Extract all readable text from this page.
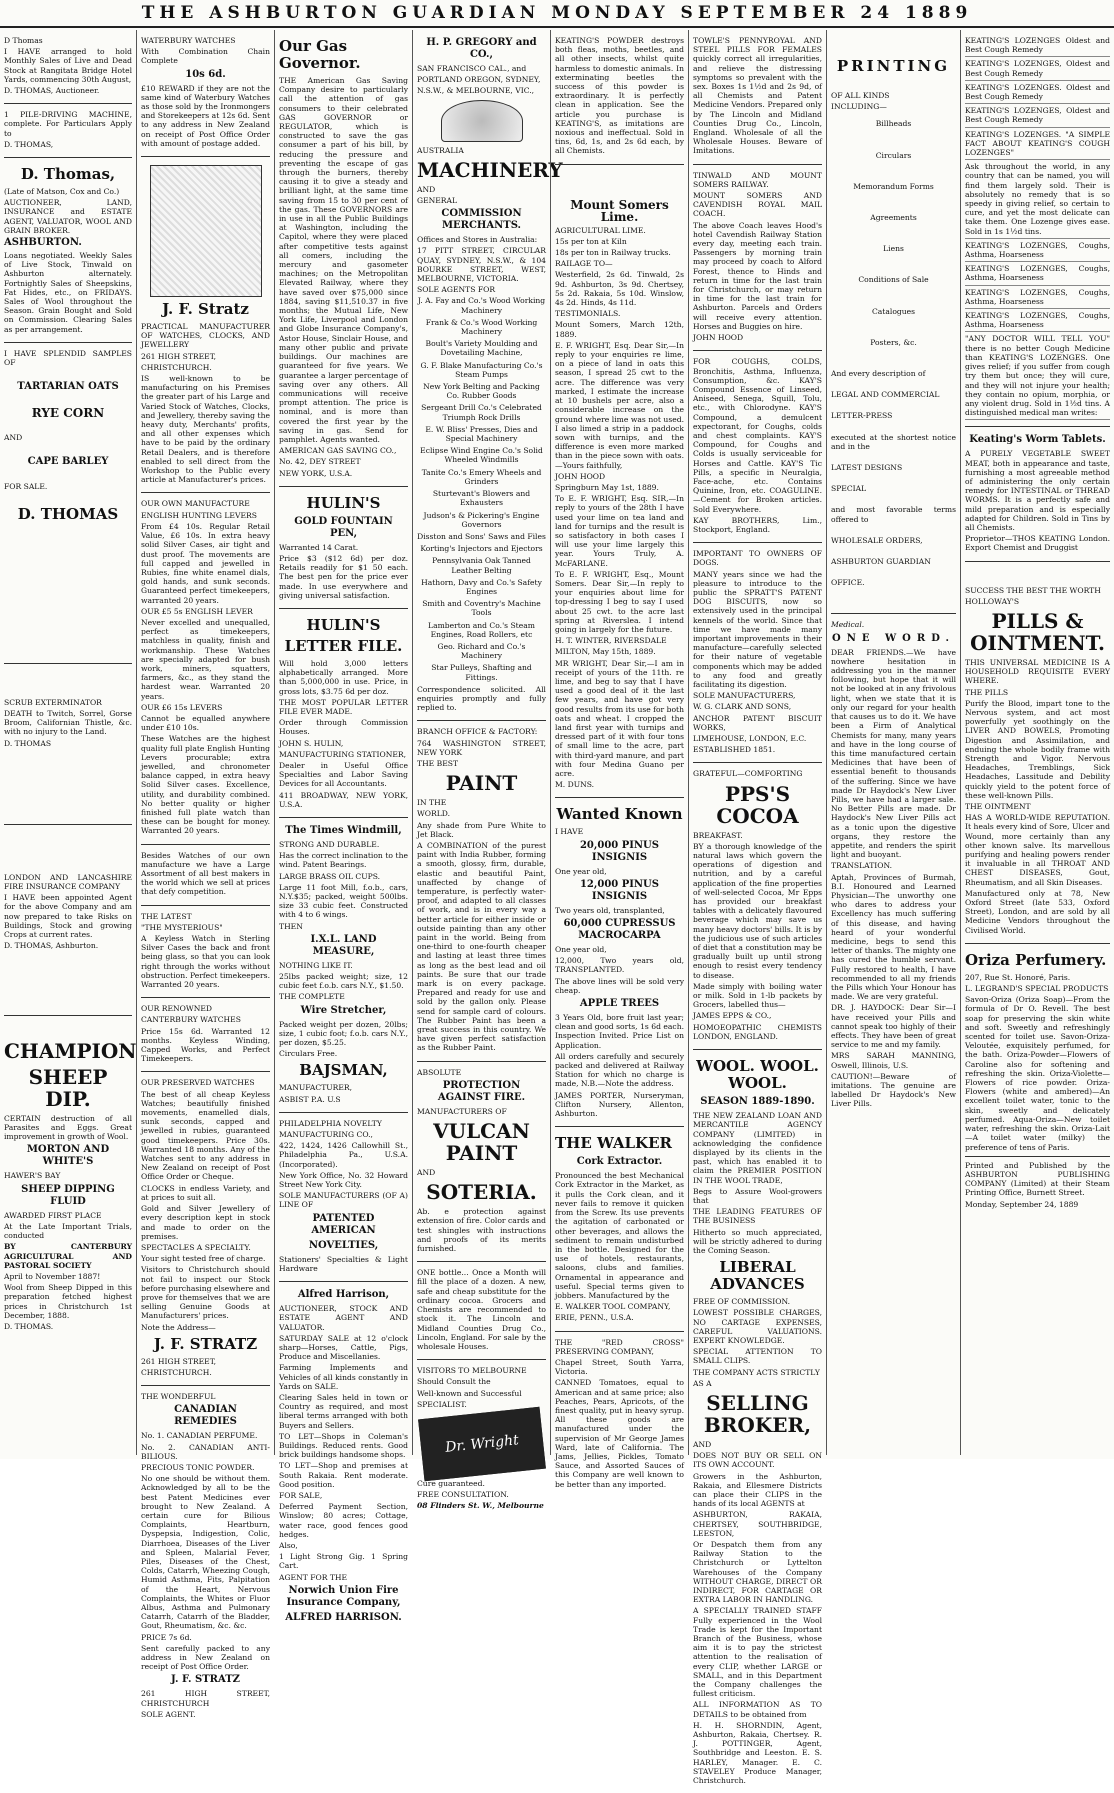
THE ASHBURTON GUARDIAN MONDAY SEPTEMBER 24 1889

D Thomas

I HAVE arranged to hold Monthly Sales of Live and Dead Stock at Rangitata Bridge Hotel Yards, commencing 30th August,

D. THOMAS, Auctioneer.

1 PILE-DRIVING MACHINE, complete. For Particulars Apply to

D. THOMAS,

D. Thomas,

(Late of Matson, Cox and Co.)

AUCTIONEER, LAND, INSURANCE and ESTATE AGENT, VALUATOR, WOOL AND GRAIN BROKER.

ASHBURTON.

Loans negotiated. Weekly Sales of Live Stock, Tinwald on Ashburton alternately. Fortnightly Sales of Sheepskins, Fat Hides, etc., on FRIDAYS. Sales of Wool throughout the Season. Grain Bought and Sold on Commission. Clearing Sales as per arrangement.

I HAVE SPLENDID SAMPLES OF

TARTARIAN OATS
RYE CORN

AND

CAPE BARLEY

FOR SALE.

D. THOMAS

SCRUB EXTERMINATOR

DEATH to Twitch, Sorrel, Gorse Broom, Californian Thistle, &c. with no injury to the Land.

D. THOMAS

LONDON AND LANCASHIRE FIRE INSURANCE COMPANY

I HAVE been appointed Agent for the above Company and am now prepared to take Risks on Buildings, Stock and growing Crops at current rates.

D. THOMAS, Ashburton.

CHAMPION
SHEEP DIP.

CERTAIN destruction of all Parasites and Eggs. Great improvement in growth of Wool.

MORTON AND WHITE'S

HAWER'S BAY

SHEEP DIPPING FLUID

AWARDED FIRST PLACE

At the Late Important Trials, conducted

BY CANTERBURY AGRICULTURAL AND PASTORAL SOCIETY

April to November 1887!

Wool from Sheep Dipped in this preparation fetched highest prices in Christchurch 1st December, 1888.

D. THOMAS.

WATERBURY WATCHES

With Combination Chain Complete

10s 6d.

£10 REWARD if they are not the same kind of Waterbury Watches as those sold by the Ironmongers and Storekeepers at 12s 6d. Sent to any address in New Zealand on receipt of Post Office Order with amount of postage added.

J. F. Stratz

PRACTICAL MANUFACTURER OF WATCHES, CLOCKS, AND JEWELLERY

261 HIGH STREET,

CHRISTCHURCH.

IS well-known to be manufacturing on his Premises the greater part of his Large and Varied Stock of Watches, Clocks, and Jewellery, thereby saving the heavy duty, Merchants' profits, and all other expenses which have to be paid by the ordinary Retail Dealers, and is therefore enabled to sell direct from the Workshop to the Public every article at Manufacturer's prices.

OUR OWN MANUFACTURE

ENGLISH HUNTING LEVERS

From £4 10s. Regular Retail Value, £6 10s. In extra heavy solid Silver Cases, air tight and dust proof. The movements are full capped and jewelled in Rubies, fine white enamel dials, gold hands, and sunk seconds. Guaranteed perfect timekeepers, warranted 20 years.

OUR £5 5s ENGLISH LEVER

Never excelled and unequalled, perfect as timekeepers, matchless in quality, finish and workmanship. These Watches are specially adapted for bush work, miners, squatters, farmers, &c., as they stand the hardest wear. Warranted 20 years.

OUR £6 15s LEVERS

Cannot be equalled anywhere under £10 10s.

These Watches are the highest quality full plate English Hunting Levers procurable; extra jewelled, and chronometer balance capped, in extra heavy Solid Silver cases. Excellence, utility, and durability combined. No better quality or higher finished full plate watch than these can be bought for money. Warranted 20 years.

Besides Watches of our own manufacture we have a Large Assortment of all best makers in the world which we sell at prices that defy competition.

THE LATEST

"THE MYSTERIOUS"

A Keyless Watch in Sterling Silver Cases the back and front being glass, so that you can look right through the works without obstruction. Perfect timekeepers. Warranted 20 years.

OUR RENOWNED

CANTERBURY WATCHES

Price 15s 6d. Warranted 12 months. Keyless Winding, Capped Works, and Perfect Timekeepers.

OUR PRESERVED WATCHES

The best of all cheap Keyless Watches; beautifully finished movements, enamelled dials, sunk seconds, capped and jewelled in rubies, guaranteed good timekeepers. Price 30s. Warranted 18 months. Any of the Watches sent to any address in New Zealand on receipt of Post Office Order or Cheque.

CLOCKS in endless Variety, and at prices to suit all.

Gold and Silver Jewellery of every description kept in stock and made to order on the premises.

SPECTACLES A SPECIALTY.

Your sight tested free of charge.

Visitors to Christchurch should not fail to inspect our Stock before purchasing elsewhere and prove for themselves that we are selling Genuine Goods at Manufacturers' prices.

Note the Address—

J. F. STRATZ

261 HIGH STREET,

CHRISTCHURCH.

THE WONDERFUL

CANADIAN REMEDIES

No. 1. CANADIAN PERFUME.

No. 2. CANADIAN ANTI-BILIOUS.

PRECIOUS TONIC POWDER.

No one should be without them. Acknowledged by all to be the best Patent Medicines ever brought to New Zealand. A certain cure for Bilious Complaints, Heartburn, Dyspepsia, Indigestion, Colic, Diarrhoea, Diseases of the Liver and Spleen, Malarial Fever, Piles, Diseases of the Chest, Colds, Catarrh, Wheezing Cough, Humid Asthma, Fits, Palpitation of the Heart, Nervous Complaints, the Whites or Fluor Albus, Asthma and Pulmonary Catarrh, Catarrh of the Bladder, Gout, Rheumatism, &c. &c.

PRICE 7s 6d.

Sent carefully packed to any address in New Zealand on receipt of Post Office Order.

J. F. STRATZ

261 HIGH STREET, CHRISTCHURCH

SOLE AGENT.

Our Gas Governor.

THE American Gas Saving Company desire to particularly call the attention of gas consumers to their celebrated GAS GOVERNOR or REGULATOR, which is constructed to save the gas consumer a part of his bill, by reducing the pressure and preventing the escape of gas through the burners, thereby causing it to give a steady and brilliant light, at the same time saving from 15 to 30 per cent of the gas. These GOVERNORS are in use in all the Public Buildings at Washington, including the Capitol, where they were placed after competitive tests against all comers, including the mercury and gasometer machines; on the Metropolitan Elevated Railway, where they have saved over $75,000 since 1884, saving $11,510.37 in five months; the Mutual Life, New York Life, Liverpool and London and Globe Insurance Company's, Astor House, Sinclair House, and many other public and private buildings. Our machines are guaranteed for five years. We guarantee a larger percentage of saving over any others. All communications will receive prompt attention. The price is nominal, and is more than covered the first year by the saving in gas. Send for pamphlet. Agents wanted.

AMERICAN GAS SAVING CO.,

No. 42, DEY STREET

NEW YORK, U.S.A.

HULIN'S
GOLD FOUNTAIN PEN,

Warranted 14 Carat.

Price $3 ($12 6d) per doz. Retails readily for $1 50 each. The best pen for the price ever made. In use everywhere and giving universal satisfaction.

HULIN'S
LETTER FILE.

Will hold 3,000 letters alphabetically arranged. More than 5,000,000 in use. Price, in gross lots, $3.75 6d per doz.

THE MOST POPULAR LETTER FILE EVER MADE.

Order through Commission Houses.

JOHN S. HULIN,

MANUFACTURING STATIONER,

Dealer in Useful Office Specialties and Labor Saving Devices for all Accountants.

411 BROADWAY, NEW YORK, U.S.A.

The Times Windmill,

STRONG AND DURABLE.

Has the correct inclination to the wind. Patent Bearings.

LARGE BRASS OIL CUPS.

Large 11 foot Mill, f.o.b., cars, N.Y.$35; packed, weight 500lbs. size 33 cubic feet. Constructed with 4 to 6 wings.

THEN

I.X.L. LAND MEASURE,

NOTHING LIKE IT.

25lbs packed weight; size, 12 cubic feet f.o.b. cars N.Y., $1.50.

THE COMPLETE

Wire Stretcher,

Packed weight per dozen, 20lbs; size, 1 cubic foot; f.o.b. cars N.Y., per dozen, $5.25.

Circulars Free.

BAJSMAN,

MANUFACTURER,

ASBIST P.A. U.S

PHILADELPHIA NOVELTY

MANUFACTURING CO.,

422, 1424, 1426 Callowhill St., Philadelphia Pa., U.S.A. (Incorporated).

New York Office, No. 32 Howard Street New York City.

SOLE MANUFACTURERS (OF A) LINE OF

PATENTED AMERICAN
NOVELTIES,

Stationers' Specialties & Light Hardware

Alfred Harrison,

AUCTIONEER, STOCK AND ESTATE AGENT AND VALUATOR.

SATURDAY SALE at 12 o'clock sharp—Horses, Cattle, Pigs, Produce and Miscellanies.

Farming Implements and Vehicles of all kinds constantly in Yards on SALE.

Clearing Sales held in town or Country as required, and most liberal terms arranged with both Buyers and Sellers.

TO LET—Shops in Coleman's Buildings. Reduced rents. Good brick buildings handsome shops.

TO LET—Shop and premises at South Rakaia. Rent moderate. Good position.

FOR SALE,

Deferred Payment Section, Winslow; 80 acres; Cottage, water race, good fences good hedges.

Also,

1 Light Strong Gig. 1 Spring Cart.

AGENT FOR THE

Norwich Union Fire Insurance Company,
ALFRED HARRISON.
H. P. GREGORY and CO.,

SAN FRANCISCO CAL., and

PORTLAND OREGON, SYDNEY,

N.S.W., & MELBOURNE, VIC.,

AUSTRALIA

MACHINERY

AND

GENERAL

COMMISSION MERCHANTS.

Offices and Stores in Australia:

17 PITT STREET, CIRCULAR QUAY, SYDNEY, N.S.W., & 104 BOURKE STREET, WEST, MELBOURNE, VICTORIA.

SOLE AGENTS FOR

J. A. Fay and Co.'s Wood Working Machinery

Frank & Co.'s Wood Working Machinery

Boult's Variety Moulding and Dovetailing Machine,

G. F. Blake Manufacturing Co.'s Steam Pumps

New York Belting and Packing Co. Rubber Goods

Sergeant Drill Co.'s Celebrated Triumph Rock Drills

E. W. Bliss' Presses, Dies and Special Machinery

Eclipse Wind Engine Co.'s Solid Wheeled Windmills

Tanite Co.'s Emery Wheels and Grinders

Sturtevant's Blowers and Exhausters

Judson's & Pickering's Engine Governors

Disston and Sons' Saws and Files

Korting's Injectors and Ejectors

Pennsylvania Oak Tanned Leather Belting

Hathorn, Davy and Co.'s Safety Engines

Smith and Coventry's Machine Tools

Lamberton and Co.'s Steam Engines, Road Rollers, etc

Geo. Richard and Co.'s Machinery

Star Pulleys, Shafting and Fittings.

Correspondence solicited. All enquiries promptly and fully replied to.

BRANCH OFFICE & FACTORY:

764 WASHINGTON STREET, NEW YORK

THE BEST

PAINT

IN THE

WORLD.

Any shade from Pure White to Jet Black.

A COMBINATION of the purest paint with India Rubber, forming a smooth, glossy, firm, durable, elastic and beautiful Paint, unaffected by change of temperature, is perfectly water-proof, and adapted to all classes of work, and is in every way a better article for either inside or outside painting than any other paint in the world. Being from one-third to one-fourth cheaper and lasting at least three times as long as the best lead and oil paints. Be sure that our trade mark is on every package. Prepared and ready for use and sold by the gallon only. Please send for sample card of colours. The Rubber Paint has been a great success in this country. We have given perfect satisfaction as the Rubber Paint.

ABSOLUTE

PROTECTION AGAINST FIRE.

MANUFACTURERS OF

VULCAN PAINT

AND

SOTERIA.

Ab. e protection against extension of fire. Color cards and test shingles with instructions and proofs of its merits furnished.

ONE bottle... Once a Month will fill the place of a dozen. A new, safe and cheap substitute for the ordinary cocoa. Grocers and Chemists are recommended to stock it. The Lincoln and Midland Counties Drug Co., Lincoln, England. For sale by the wholesale Houses.

VISITORS TO MELBOURNE

Should Consult the

Well-known and Successful

SPECIALIST.

Dr. Wright

Cure guaranteed.

FREE CONSULTATION.

08 Flinders St. W., Melbourne

KEATING'S POWDER destroys both fleas, moths, beetles, and all other insects, whilst quite harmless to domestic animals. In exterminating beetles the success of this powder is extraordinary. It is perfectly clean in application. See the article you purchase is KEATING'S, as imitations are noxious and ineffectual. Sold in tins, 6d, 1s, and 2s 6d each, by all Chemists.

Mount Somers Lime.

AGRICULTURAL LIME.

15s per ton at Kiln

18s per ton in Railway trucks.

RAILAGE TO—

Westerfield, 2s 6d. Tinwald, 2s 9d. Ashburton, 3s 9d. Chertsey, 5s 2d. Rakaia, 5s 10d. Winslow, 4s 2d. Hinds, 4s 11d.

TESTIMONIALS.

Mount Somers, March 12th, 1889.

E. F. WRIGHT, Esq. Dear Sir,—In reply to your enquiries re lime, on a piece of land in oats this season, I spread 25 cwt to the acre. The difference was very marked, I estimate the increase at 10 bushels per acre, also a considerable increase on the ground where lime was not used. I also limed a strip in a paddock sown with turnips, and the difference is even more marked than in the piece sown with oats.—Yours faithfully,

JOHN HOOD

Springburn May 1st, 1889.

To E. F. WRIGHT, Esq. SIR,—In reply to yours of the 28th I have used your lime on tea land and land for turnips and the result is so satisfactory in both cases I will use your lime largely this year. Yours Truly, A. McFARLANE.

To E. F. WRIGHT, Esq., Mount Somers. Dear Sir,—In reply to your enquiries about lime for top-dressing I beg to say I used about 25 cwt. to the acre last spring at Riverslea. I intend going in largely for the future.

H. T. WINTER, RIVERSDALE

MILTON, May 15th, 1889.

MR WRIGHT, Dear Sir,—I am in receipt of yours of the 11th. re lime, and beg to say that I have used a good deal of it the last few years, and have got very good results from its use for both oats and wheat. I cropped the land first year with turnips and dressed part of it with four tons of small lime to the acre, part with third-yard manure, and part with four Medina Guano per acre.

M. DUNS.

Wanted Known

I HAVE

20,000 PINUS INSIGNIS

One year old,

12,000 PINUS INSIGNIS

Two years old, transplanted,

60,000 CUPRESSUS MACROCARPA

One year old,

12,000, Two years old, TRANSPLANTED.

The above lines will be sold very cheap.

APPLE TREES

3 Years Old, bore fruit last year; clean and good sorts, 1s 6d each. Inspection Invited. Price List on Application.

All orders carefully and securely packed and delivered at Railway Station for which no charge is made, N.B.—Note the address.

JAMES PORTER, Nurseryman, Clifton Nursery, Allenton, Ashburton.

THE WALKER
Cork Extractor.

Pronounced the best Mechanical Cork Extractor in the Market, as it pulls the Cork clean, and it never fails to remove it quicken from the Screw. Its use prevents the agitation of carbonated or other beverages, and allows the sediment to remain undisturbed in the bottle. Designed for the use of hotels, restaurants, saloons, clubs and families. Ornamental in appearance and useful. Special terms given to jobbers. Manufactured by the

E. WALKER TOOL COMPANY,

ERIE, PENN., U.S.A.

THE "RED CROSS" PRESERVING COMPANY,

Chapel Street, South Yarra, Victoria.

CANNED Tomatoes, equal to American and at same price; also Peaches, Pears, Apricots, of the finest quality, put in heavy syrup. All these goods are manufactured under the supervision of Mr George James Ward, late of California. The Jams, Jellies, Pickles, Tomato Sauce, and Assorted Sauces of this Company are well known to be better than any imported.

TOWLE'S PENNYROYAL AND STEEL PILLS FOR FEMALES quickly correct all irregularities, and relieve the distressing symptoms so prevalent with the sex. Boxes 1s 1½d and 2s 9d, of all Chemists and Patent Medicine Vendors. Prepared only by The Lincoln and Midland Counties Drug Co., Lincoln, England. Wholesale of all the Wholesale Houses. Beware of Imitations.

TINWALD AND MOUNT SOMERS RAILWAY.

MOUNT SOMERS AND CAVENDISH ROYAL MAIL COACH.

The above Coach leaves Hood's hotel Cavendish Railway Station every day, meeting each train. Passengers by morning train may proceed by coach to Alford Forest, thence to Hinds and return in time for the last train for Christchurch, or may return in time for the last train for Ashburton. Parcels and Orders will receive every attention. Horses and Buggies on hire.

JOHN HOOD

FOR COUGHS, COLDS, Bronchitis, Asthma, Influenza, Consumption, &c. KAY'S Compound Essence of Linseed, Aniseed, Senega, Squill, Tolu, etc., with Chlorodyne. KAY'S Compound, a demulcent expectorant, for Coughs, colds and chest complaints. KAY'S Compound, for Coughs and Colds is usually serviceable for Horses and Cattle. KAY'S Tic Pills, a specific in Neuralgia, Face-ache, etc. Contains Quinine, Iron, etc. COAGULINE.—Cement for Broken articles. Sold Everywhere.

KAY BROTHERS, Lim., Stockport, England.

IMPORTANT TO OWNERS OF DOGS.

MANY years since we had the pleasure to introduce to the public the SPRATT'S PATENT DOG BISCUITS, now so extensively used in the principal kennels of the world. Since that time we have made many important improvements in their manufacture—carefully selected for their nature of vegetable components which may be added to any food and greatly facilitating its digestion.

SOLE MANUFACTURERS,

W. G. CLARK AND SONS,

ANCHOR PATENT BISCUIT WORKS,

LIMEHOUSE, LONDON, E.C.

ESTABLISHED 1851.

GRATEFUL—COMFORTING

PPS'S COCOA

BREAKFAST.

BY a thorough knowledge of the natural laws which govern the operations of digestion and nutrition, and by a careful application of the fine properties of well-selected Cocoa, Mr Epps has provided our breakfast tables with a delicately flavoured beverage which may save us many heavy doctors' bills. It is by the judicious use of such articles of diet that a constitution may be gradually built up until strong enough to resist every tendency to disease.

Made simply with boiling water or milk. Sold in 1-lb packets by Grocers, labelled thus—

JAMES EPPS & CO.,

HOMOEOPATHIC CHEMISTS LONDON, ENGLAND.

WOOL. WOOL. WOOL.
SEASON 1889-1890.

THE NEW ZEALAND LOAN AND MERCANTILE AGENCY COMPANY (LIMITED) in acknowledging the confidence displayed by its clients in the past, which has enabled it to claim the PREMIER POSITION IN THE WOOL TRADE,

Begs to Assure Wool-growers that

THE LEADING FEATURES OF THE BUSINESS

Hitherto so much appreciated, will be strictly adhered to during the Coming Season.

LIBERAL ADVANCES

FREE OF COMMISSION.

LOWEST POSSIBLE CHARGES, NO CARTAGE EXPENSES, CAREFUL VALUATIONS. EXPERT KNOWLEDGE.

SPECIAL ATTENTION TO SMALL CLIPS.

THE COMPANY ACTS STRICTLY

AS A

SELLING BROKER,

AND

DOES NOT BUY OR SELL ON ITS OWN ACCOUNT.

Growers in the Ashburton, Rakaia, and Ellesmere Districts can place their CLIPS in the hands of its local AGENTS at

ASHBURTON, RAKAIA, CHERTSEY, SOUTHBRIDGE, LEESTON,

Or Despatch them from any Railway Station to the Christchurch or Lyttelton Warehouses of the Company WITHOUT CHARGE, DIRECT OR INDIRECT, FOR CARTAGE OR EXTRA LABOR IN HANDLING.

A SPECIALLY TRAINED STAFF Fully experienced in the Wool Trade is kept for the Important Branch of the Business, whose aim it is to pay the strictest attention to the realisation of every CLIP, whether LARGE or SMALL, and in this Department the Company challenges the fullest criticism.

ALL INFORMATION AS TO DETAILS to be obtained from

H. H. SHORNDIN, Agent, Ashburton, Rakaia, Chertsey. R. J. POTTINGER, Agent, Southbridge and Leeston. E. S. HARLEY, Manager. E. C. STAVELEY Produce Manager, Christchurch.

PRINTING

OF ALL KINDS

INCLUDING—

Billheads

Circulars

Memorandum Forms

Agreements

Liens

Conditions of Sale

Catalogues

Posters, &c.

And every description of

LEGAL AND COMMERCIAL

LETTER-PRESS

executed at the shortest notice and in the

LATEST DESIGNS

SPECIAL

and most favorable terms offered to

WHOLESALE ORDERS,

ASHBURTON GUARDIAN

OFFICE.

Medical.

ONE WORD.

DEAR FRIENDS.—We have nowhere hesitation in addressing you in the manner following, but hope that it will not be looked at in any frivolous light, when we state that it is only our regard for your health that causes us to do it. We have been a Firm of Analytical Chemists for many, many years and have in the long course of this time manufactured certain Medicines that have been of essential benefit to thousands of the suffering. Since we have made Dr Haydock's New Liver Pills, we have had a larger sale. No Better Pills are made. Dr Haydock's New Liver Pills act as a tonic upon the digestive organs, they restore the appetite, and renders the spirit light and buoyant.

TRANSLATION.

Aptah, Provinces of Burmah, B.I. Honoured and Learned Physician—The unworthy one who dares to address your Excellency has much suffering of this disease, and having heard of your wonderful medicine, begs to send this letter of thanks. The mighty one has cured the humble servant. Fully restored to health, I have recommended to all my friends the Pills which Your Honour has made. We are very grateful.

DR. J. HAYDOCK: Dear Sir—I have received your Pills and cannot speak too highly of their effects. They have been of great service to me and my family.

MRS SARAH MANNING, Oswell, Illinois, U.S.

CAUTION!—Beware of imitations. The genuine are labelled Dr Haydock's New Liver Pills.

KEATING'S LOZENGES Oldest and Best Cough Remedy

KEATING'S LOZENGES, Oldest and Best Cough Remedy

KEATING'S LOZENGES. Oldest and Best Cough Remedy

KEATING'S LOZENGES, Oldest and Best Cough Remedy

KEATING'S LOZENGES. "A SIMPLE FACT ABOUT KEATING'S COUGH LOZENGES"

Ask throughout the world, in any country that can be named, you will find them largely sold. Their is absolutely no remedy that is so speedy in giving relief, so certain to cure, and yet the most delicate can take them. One Lozenge gives ease. Sold in 1s 1½d tins.

KEATING'S LOZENGES, Coughs, Asthma, Hoarseness

KEATING'S LOZENGES, Coughs, Asthma, Hoarseness

KEATING'S LOZENGES, Coughs, Asthma, Hoarseness

KEATING'S LOZENGES, Coughs, Asthma, Hoarseness

"ANY DOCTOR WILL TELL YOU" there is no better Cough Medicine than KEATING'S LOZENGES. One gives relief; if you suffer from cough try them but once; they will cure, and they will not injure your health; they contain no opium, morphia, or any violent drug. Sold in 1½d tins. A distinguished medical man writes:

Keating's Worm Tablets.

A PURELY VEGETABLE SWEET MEAT, both in appearance and taste, furnishing a most agreeable method of administering the only certain remedy for INTESTINAL or THREAD WORMS. It is a perfectly safe and mild preparation and is especially adapted for Children. Sold in Tins by all Chemists.

Proprietor—THOS KEATING London. Export Chemist and Druggist

SUCCESS THE BEST THE WORTH

HOLLOWAY'S

PILLS & OINTMENT.

THIS UNIVERSAL MEDICINE IS A HOUSEHOLD REQUISITE EVERY WHERE.

THE PILLS

Purify the Blood, impart tone to the Nervous system, and act most powerfully yet soothingly on the LIVER AND BOWELS, Promoting Digestion and Assimilation, and enduing the whole bodily frame with Strength and Vigor. Nervous Headaches, Tremblings, Sick Headaches, Lassitude and Debility quickly yield to the potent force of these well-known Pills.

THE OINTMENT

HAS A WORLD-WIDE REPUTATION. It heals every kind of Sore, Ulcer and Wound, more certainly than any other known salve. Its marvellous purifying and healing powers render it invaluable in all THROAT AND CHEST DISEASES, Gout, Rheumatism, and all Skin Diseases.

Manufactured only at 78, New Oxford Street (late 533, Oxford Street), London, and are sold by all Medicine Vendors throughout the Civilised World.

Oriza Perfumery.

207, Rue St. Honoré, Paris.

L. LEGRAND'S SPECIAL PRODUCTS

Savon-Oriza (Oriza Soap)—From the formula of Dr O. Revell. The best soap for preserving the skin white and soft. Sweetly and refreshingly scented for toilet use. Savon-Oriza-Veloutée, exquisitely perfumed, for the bath. Oriza-Powder—Flowers of Caroline also for softening and refreshing the skin. Oriza-Violette—Flowers of rice powder. Oriza-Flowers (white and ambered)—An excellent toilet water, tonic to the skin, sweetly and delicately perfumed. Aqua-Oriza—New toilet water, refreshing the skin. Oriza-Lait—A toilet water (milky) the preference of tens of Paris.

Printed and Published by the ASHBURTON PUBLISHING COMPANY (Limited) at their Steam Printing Office, Burnett Street.

Monday, September 24, 1889
